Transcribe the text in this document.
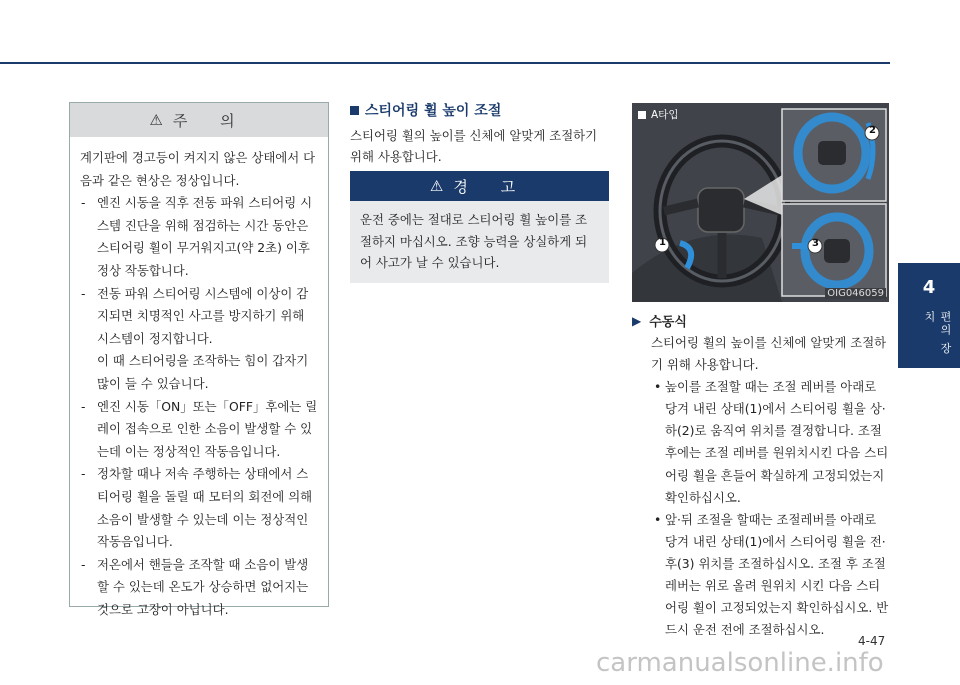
⚠ 주 의

계기판에 경고등이 켜지지 않은 상태에서 다음과 같은 현상은 정상입니다.

- 엔진 시동을 직후 전동 파워 스티어링 시스템 진단을 위해 점검하는 시간 동안은 스티어링 휠이 무거워지고(약 2초) 이후 정상 작동합니다.
- 전동 파워 스티어링 시스템에 이상이 감지되면 치명적인 사고를 방지하기 위해 시스템이 정지합니다.
이 때 스티어링을 조작하는 힘이 갑자기 많이 들 수 있습니다.
- 엔진 시동「ON」또는「OFF」후에는 릴레이 접속으로 인한 소음이 발생할 수 있는데 이는 정상적인 작동음입니다.
- 정차할 때나 저속 주행하는 상태에서 스티어링 휠을 돌릴 때 모터의 회전에 의해 소음이 발생할 수 있는데 이는 정상적인 작동음입니다.
- 저온에서 핸들을 조작할 때 소음이 발생할 수 있는데 온도가 상승하면 없어지는 것으로 고장이 아닙니다.
스티어링 휠 높이 조절
스티어링 휠의 높이를 신체에 알맞게 조절하기 위해 사용합니다.
⚠ 경 고
운전 중에는 절대로 스티어링 휠 높이를 조절하지 마십시오. 조향 능력을 상실하게 되어 사고가 날 수 있습니다.
1
2
3
A타입
OIG046059
▶ 수동식

스티어링 휠의 높이를 신체에 알맞게 조절하기 위해 사용합니다.

• 높이를 조절할 때는 조절 레버를 아래로 당겨 내린 상태(1)에서 스티어링 휠을 상·하(2)로 움직여 위치를 결정합니다. 조절 후에는 조절 레버를 원위치시킨 다음 스티어링 휠을 흔들어 확실하게 고정되었는지 확인하십시오.
• 앞·뒤 조절을 할때는 조절레버를 아래로 당겨 내린 상태(1)에서 스티어링 휠을 전·후(3) 위치를 조절하십시오. 조절 후 조절 레버는 위로 올려 원위치 시킨 다음 스티어링 휠이 고정되었는지 확인하십시오. 반드시 운전 전에 조절하십시오.
4
편의 장치
4-47
carmanualsonline.info
